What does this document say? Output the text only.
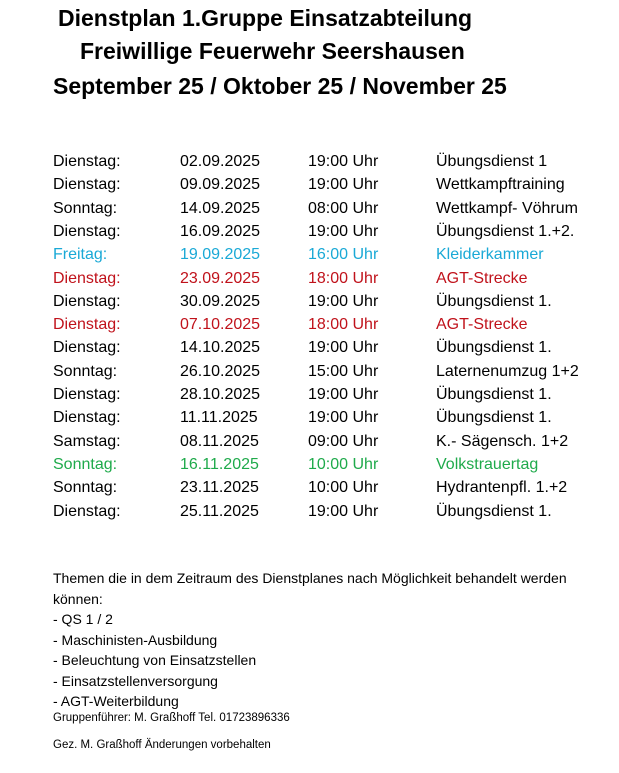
Dienstplan 1.Gruppe Einsatzabteilung
Freiwillige Feuerwehr Seershausen
September 25 / Oktober 25 / November 25
Dienstag:	02.09.2025	19:00 Uhr	Übungsdienst 1
Dienstag:	09.09.2025	19:00 Uhr	Wettkampftraining
Sonntag:	14.09.2025	08:00 Uhr	Wettkampf- Vöhrum
Dienstag:	16.09.2025	19:00 Uhr	Übungsdienst 1.+2.
Freitag:	19.09.2025	16:00 Uhr	Kleiderkammer
Dienstag:	23.09.2025	18:00 Uhr	AGT-Strecke
Dienstag:	30.09.2025	19:00 Uhr	Übungsdienst 1.
Dienstag:	07.10.2025	18:00 Uhr	AGT-Strecke
Dienstag:	14.10.2025	19:00 Uhr	Übungsdienst 1.
Sonntag:	26.10.2025	15:00 Uhr	Laternenumzug 1+2
Dienstag:	28.10.2025	19:00 Uhr	Übungsdienst 1.
Dienstag:	11.11.2025	19:00 Uhr	Übungsdienst 1.
Samstag:	08.11.2025	09:00 Uhr	K.- Sägensch. 1+2
Sonntag:	16.11.2025	10:00 Uhr	Volkstrauertag
Sonntag:	23.11.2025	10:00 Uhr	Hydrantenpfl. 1.+2
Dienstag:	25.11.2025	19:00 Uhr	Übungsdienst 1.

Themen die in dem Zeitraum des Dienstplanes nach Möglichkeit behandelt werden können:

- QS 1 / 2

- Maschinisten-Ausbildung

- Beleuchtung von Einsatzstellen

- Einsatzstellenversorgung

- AGT-Weiterbildung

Gruppenführer: M. Graßhoff Tel. 01723896336
Gez. M. Graßhoff Änderungen vorbehalten
